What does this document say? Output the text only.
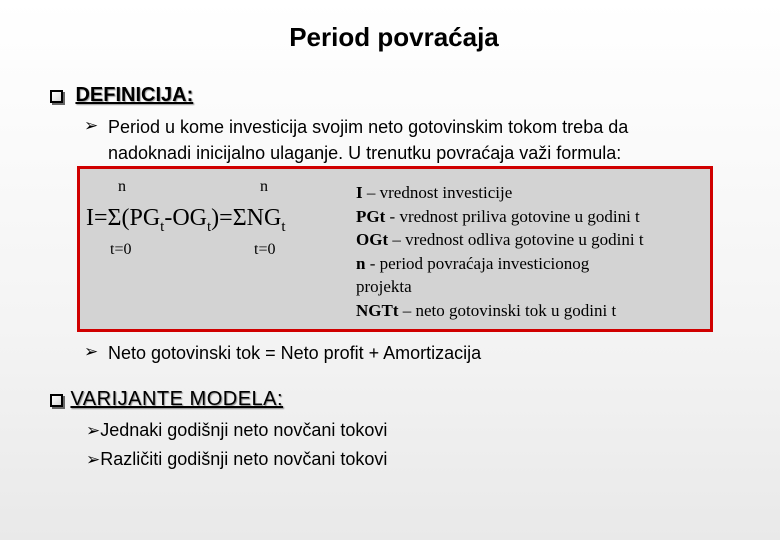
Period povraćaja
DEFINICIJA:
➢ Period u kome investicija svojim neto gotovinskim tokom treba da
nadoknadi inicijalno ulaganje. U trenutku povraćaja važi formula:
n	n
$I=\Sigma(PG_t-OG_t)=\Sigma NG_t$
t=0	t=0
I – vrednost investicije
PGt - vrednost priliva gotovine u godini t
OGt – vrednost odliva gotovine u godini t
n - period povraćaja investicionog
projekta
NGTt – neto gotovinski tok u godini t
➢ Neto gotovinski tok = Neto profit + Amortizacija
VARIJANTE MODELA:
➢Jednaki godišnji neto novčani tokovi
➢Različiti godišnji neto novčani tokovi
